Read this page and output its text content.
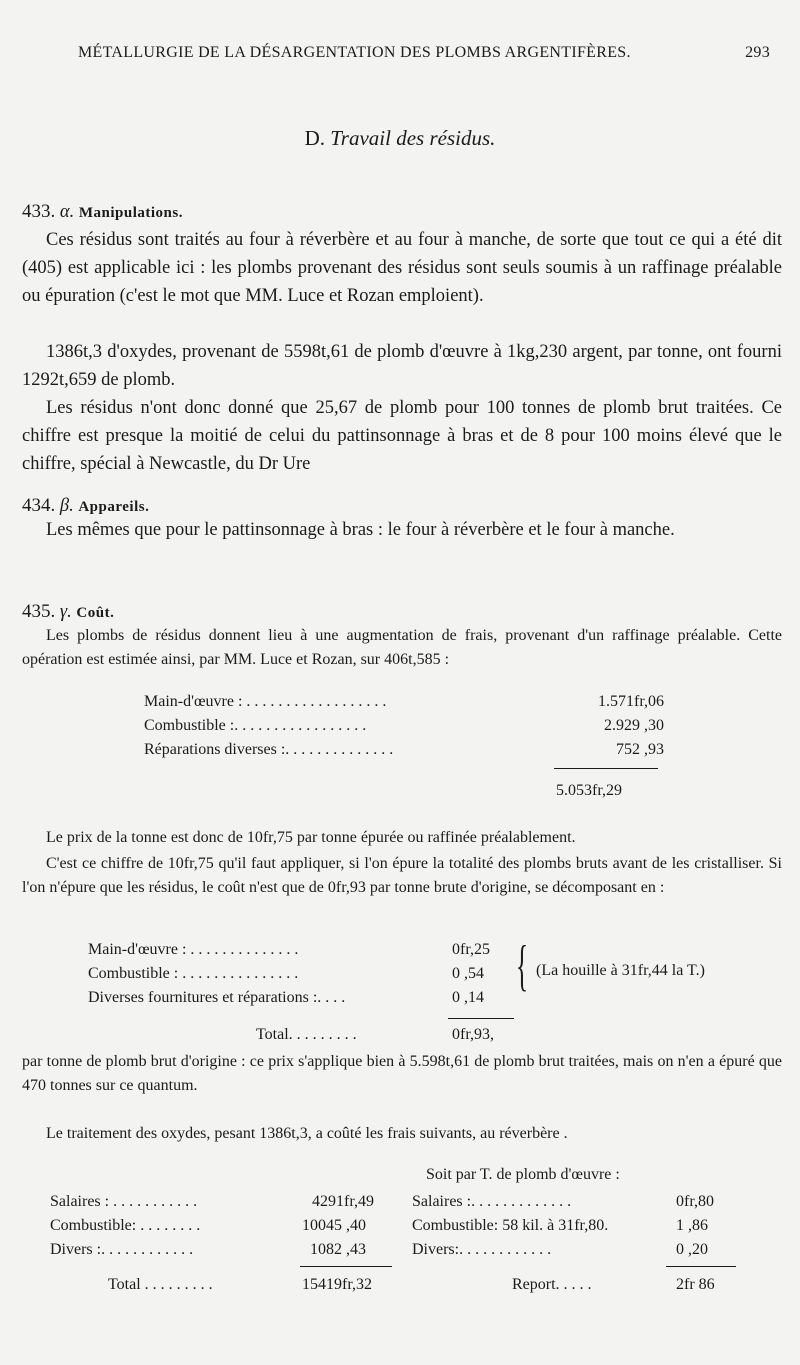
MÉTALLURGIE DE LA DÉSARGENTATION DES PLOMBS ARGENTIFÈRES.	293
D. Travail des résidus.
433. α. Manipulations.
Ces résidus sont traités au four à réverbère et au four à manche, de sorte que tout ce qui a été dit (405) est applicable ici : les plombs provenant des résidus sont seuls soumis à un raffinage préalable ou épuration (c'est le mot que MM. Luce et Rozan emploient).
1386t,3 d'oxydes, provenant de 5598t,61 de plomb d'œuvre à 1kg,230 argent, par tonne, ont fourni 1292t,659 de plomb.
Les résidus n'ont donc donné que 25,67 de plomb pour 100 tonnes de plomb brut traitées. Ce chiffre est presque la moitié de celui du pattinsonnage à bras et de 8 pour 100 moins élevé que le chiffre, spécial à Newcastle, du Dr Ure
434. β. Appareils.
Les mêmes que pour le pattinsonnage à bras : le four à réverbère et le four à manche.
435. γ. Coût.
Les plombs de résidus donnent lieu à une augmentation de frais, provenant d'un raffinage préalable. Cette opération est estimée ainsi, par MM. Luce et Rozan, sur 406t,585 :
Main-d'œuvre : . . . . . . . . . . . . . . . . . .	1.571fr,06
Combustible :. . . . . . . . . . . . . . . . .	2.929 ,30
Réparations diverses :. . . . . . . . . . . . . .	752 ,93
5.053fr,29
Le prix de la tonne est donc de 10fr,75 par tonne épurée ou raffinée préalablement.
C'est ce chiffre de 10fr,75 qu'il faut appliquer, si l'on épure la totalité des plombs bruts avant de les cristalliser. Si l'on n'épure que les résidus, le coût n'est que de 0fr,93 par tonne brute d'origine, se décomposant en :
Main-d'œuvre : . . . . . . . . . . . . . .	0fr,25
Combustible : . . . . . . . . . . . . . . .	0 ,54
Diverses fournitures et réparations :. . . .	0 ,14
{ (La houille à 31fr,44 la T.)
Total. . . . . . . . .	0fr,93,
par tonne de plomb brut d'origine : ce prix s'applique bien à 5.598t,61 de plomb brut traitées, mais on n'en a épuré que 470 tonnes sur ce quantum.
Le traitement des oxydes, pesant 1386t,3, a coûté les frais suivants, au réverbère .
Soit par T. de plomb d'œuvre :
Salaires : . . . . . . . . . . .	4291fr,49 Salaires :. . . . . . . . . . . . .	0fr,80
Combustible: . . . . . . . .	10045 ,40	Combustible: 58 kil. à 31fr,80.	1 ,86
Divers :. . . . . . . . . . . .	1082 ,43	Divers:. . . . . . . . . . . .	0 ,20
Total . . . . . . . . .	15419fr,32	Report. . . . .	2fr 86
